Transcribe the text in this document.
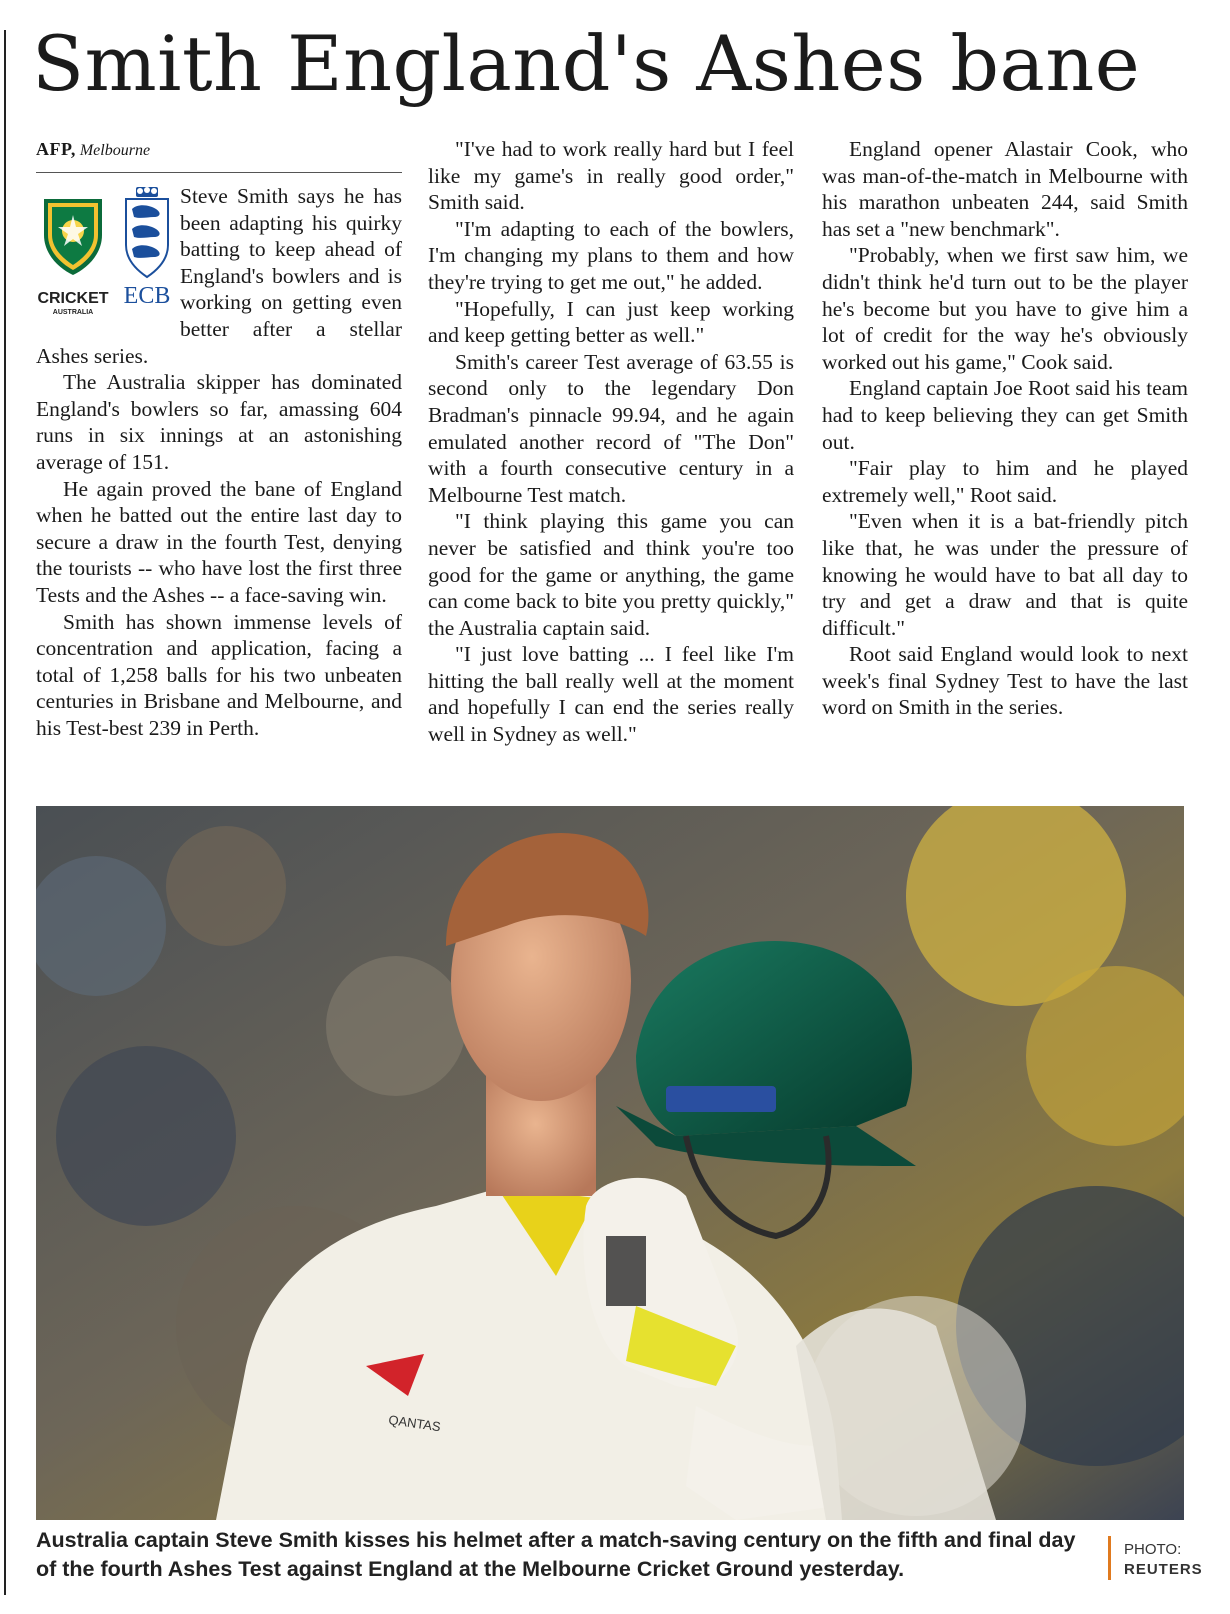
Smith England's Ashes bane
AFP, Melbourne
CRICKET
AUSTRALIA
ECB

Steve Smith says he has been adapting his quirky batting to keep ahead of England's bowlers and is working on getting even better after a stellar Ashes series.

The Australia skipper has dominated England's bowlers so far, amassing 604 runs in six innings at an astonishing average of 151.

He again proved the bane of England when he batted out the entire last day to secure a draw in the fourth Test, denying the tourists -- who have lost the first three Tests and the Ashes -- a face-saving win.

Smith has shown immense levels of concentration and application, facing a total of 1,258 balls for his two unbeaten centuries in Brisbane and Melbourne, and his Test-best 239 in Perth.

"I've had to work really hard but I feel like my game's in really good order," Smith said.

"I'm adapting to each of the bowlers, I'm changing my plans to them and how they're trying to get me out," he added.

"Hopefully, I can just keep working and keep getting better as well."

Smith's career Test average of 63.55 is second only to the legendary Don Bradman's pinnacle 99.94, and he again emulated another record of "The Don" with a fourth consecutive century in a Melbourne Test match.

"I think playing this game you can never be satisfied and think you're too good for the game or anything, the game can come back to bite you pretty quickly," the Australia captain said.

"I just love batting ... I feel like I'm hitting the ball really well at the moment and hopefully I can end the series really well in Sydney as well."

England opener Alastair Cook, who was man-of-the-match in Melbourne with his marathon unbeaten 244, said Smith has set a "new benchmark".

"Probably, when we first saw him, we didn't think he'd turn out to be the player he's become but you have to give him a lot of credit for the way he's obviously worked out his game," Cook said.

England captain Joe Root said his team had to keep believing they can get Smith out.

"Fair play to him and he played extremely well," Root said.

"Even when it is a bat-friendly pitch like that, he was under the pressure of knowing he would have to bat all day to try and get a draw and that is quite difficult."

Root said England would look to next week's final Sydney Test to have the last word on Smith in the series.

QANTAS

Australia captain Steve Smith kisses his helmet after a match-saving century on the fifth and final day of the fourth Ashes Test against England at the Melbourne Cricket Ground yesterday.

PHOTO:
REUTERS
